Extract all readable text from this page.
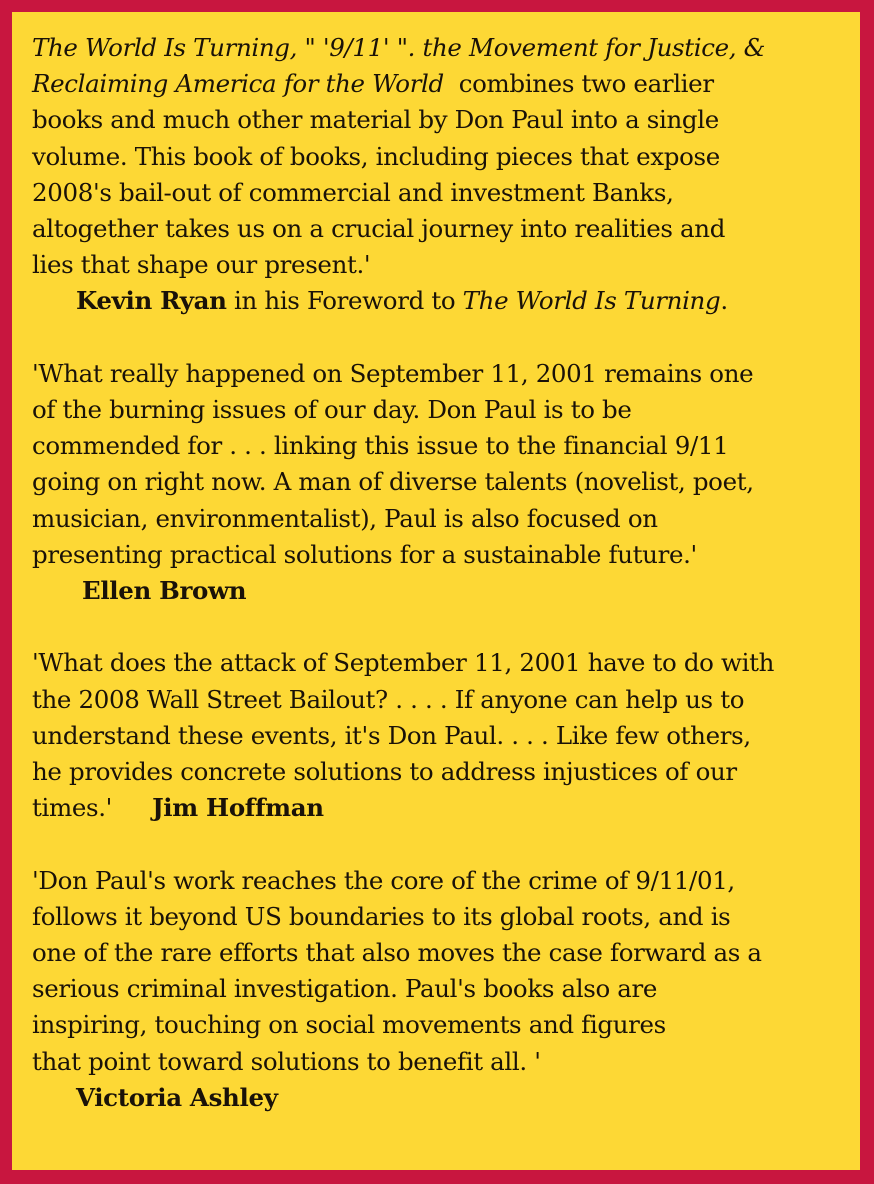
The World Is Turning, " '9/11' ". the Movement for Justice, &
Reclaiming America for the World  combines two earlier
books and much other material by Don Paul into a single
volume. This book of books, including pieces that expose
2008's bail-out of commercial and investment Banks,
altogether takes us on a crucial journey into realities and
lies that shape our present.'
Kevin Ryan in his Foreword to The World Is Turning.
'What really happened on September 11, 2001 remains one
of the burning issues of our day. Don Paul is to be
commended for . . . linking this issue to the financial 9/11
going on right now. A man of diverse talents (novelist, poet,
musician, environmentalist), Paul is also focused on
presenting practical solutions for a sustainable future.'
Ellen Brown
'What does the attack of September 11, 2001 have to do with
the 2008 Wall Street Bailout? . . . . If anyone can help us to
understand these events, it's Don Paul. . . . Like few others,
he provides concrete solutions to address injustices of our
times.' Jim Hoffman
'Don Paul's work reaches the core of the crime of 9/11/01,
follows it beyond US boundaries to its global roots, and is
one of the rare efforts that also moves the case forward as a
serious criminal investigation. Paul's books also are
inspiring, touching on social movements and figures
that point toward solutions to benefit all. '
Victoria Ashley
